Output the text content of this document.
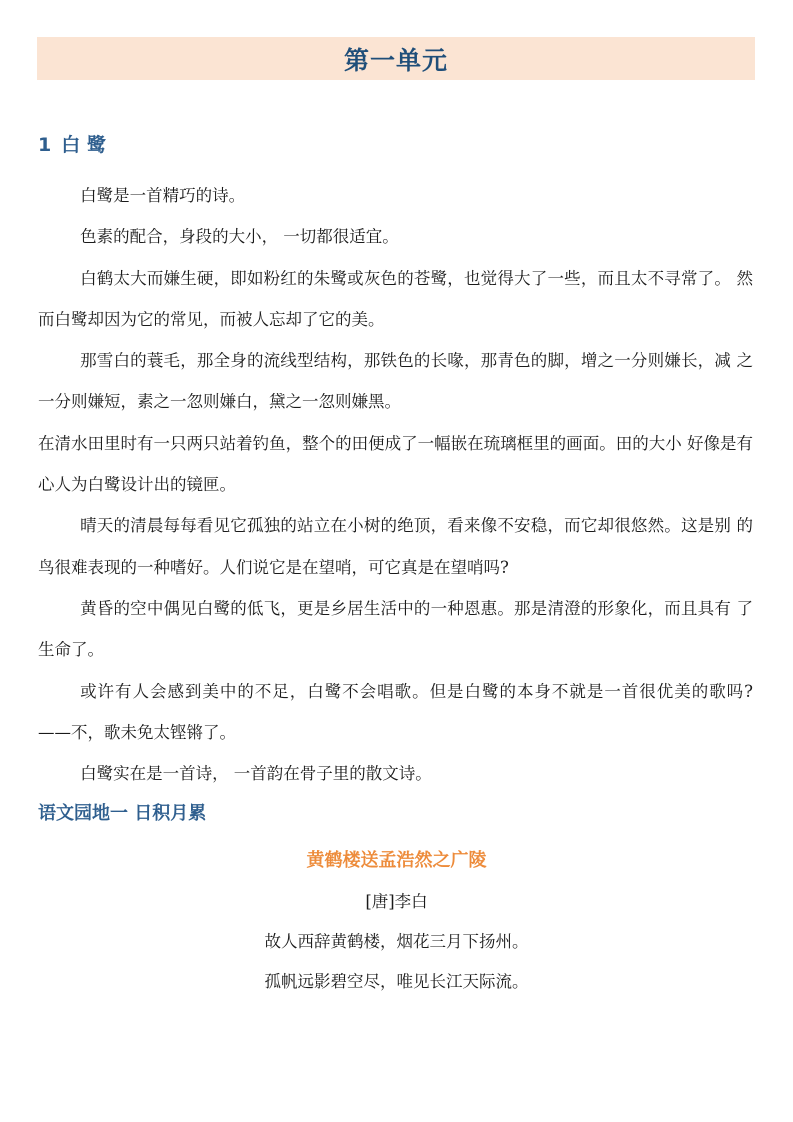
第一单元
1 白 鹭

白鹭是一首精巧的诗。

色素的配合，身段的大小， 一切都很适宜。

白鹤太大而嫌生硬，即如粉红的朱鹭或灰色的苍鹭，也觉得大了一些，而且太不寻常了。 然而白鹭却因为它的常见，而被人忘却了它的美。

那雪白的蓑毛，那全身的流线型结构，那铁色的长喙，那青色的脚，增之一分则嫌长，减 之一分则嫌短，素之一忽则嫌白，黛之一忽则嫌黑。

在清水田里时有一只两只站着钓鱼，整个的田便成了一幅嵌在琉璃框里的画面。田的大小 好像是有心人为白鹭设计出的镜匣。

晴天的清晨每每看见它孤独的站立在小树的绝顶，看来像不安稳，而它却很悠然。这是别 的鸟很难表现的一种嗜好。人们说它是在望哨，可它真是在望哨吗?

黄昏的空中偶见白鹭的低飞，更是乡居生活中的一种恩惠。那是清澄的形象化，而且具有 了生命了。

或许有人会感到美中的不足，白鹭不会唱歌。但是白鹭的本身不就是一首很优美的歌吗? ——不，歌未免太铿锵了。

白鹭实在是一首诗， 一首韵在骨子里的散文诗。

语文园地一 日积月累

黄鹤楼送孟浩然之广陵

[唐]李白

故人西辞黄鹤楼，烟花三月下扬州。

孤帆远影碧空尽，唯见长江天际流。
